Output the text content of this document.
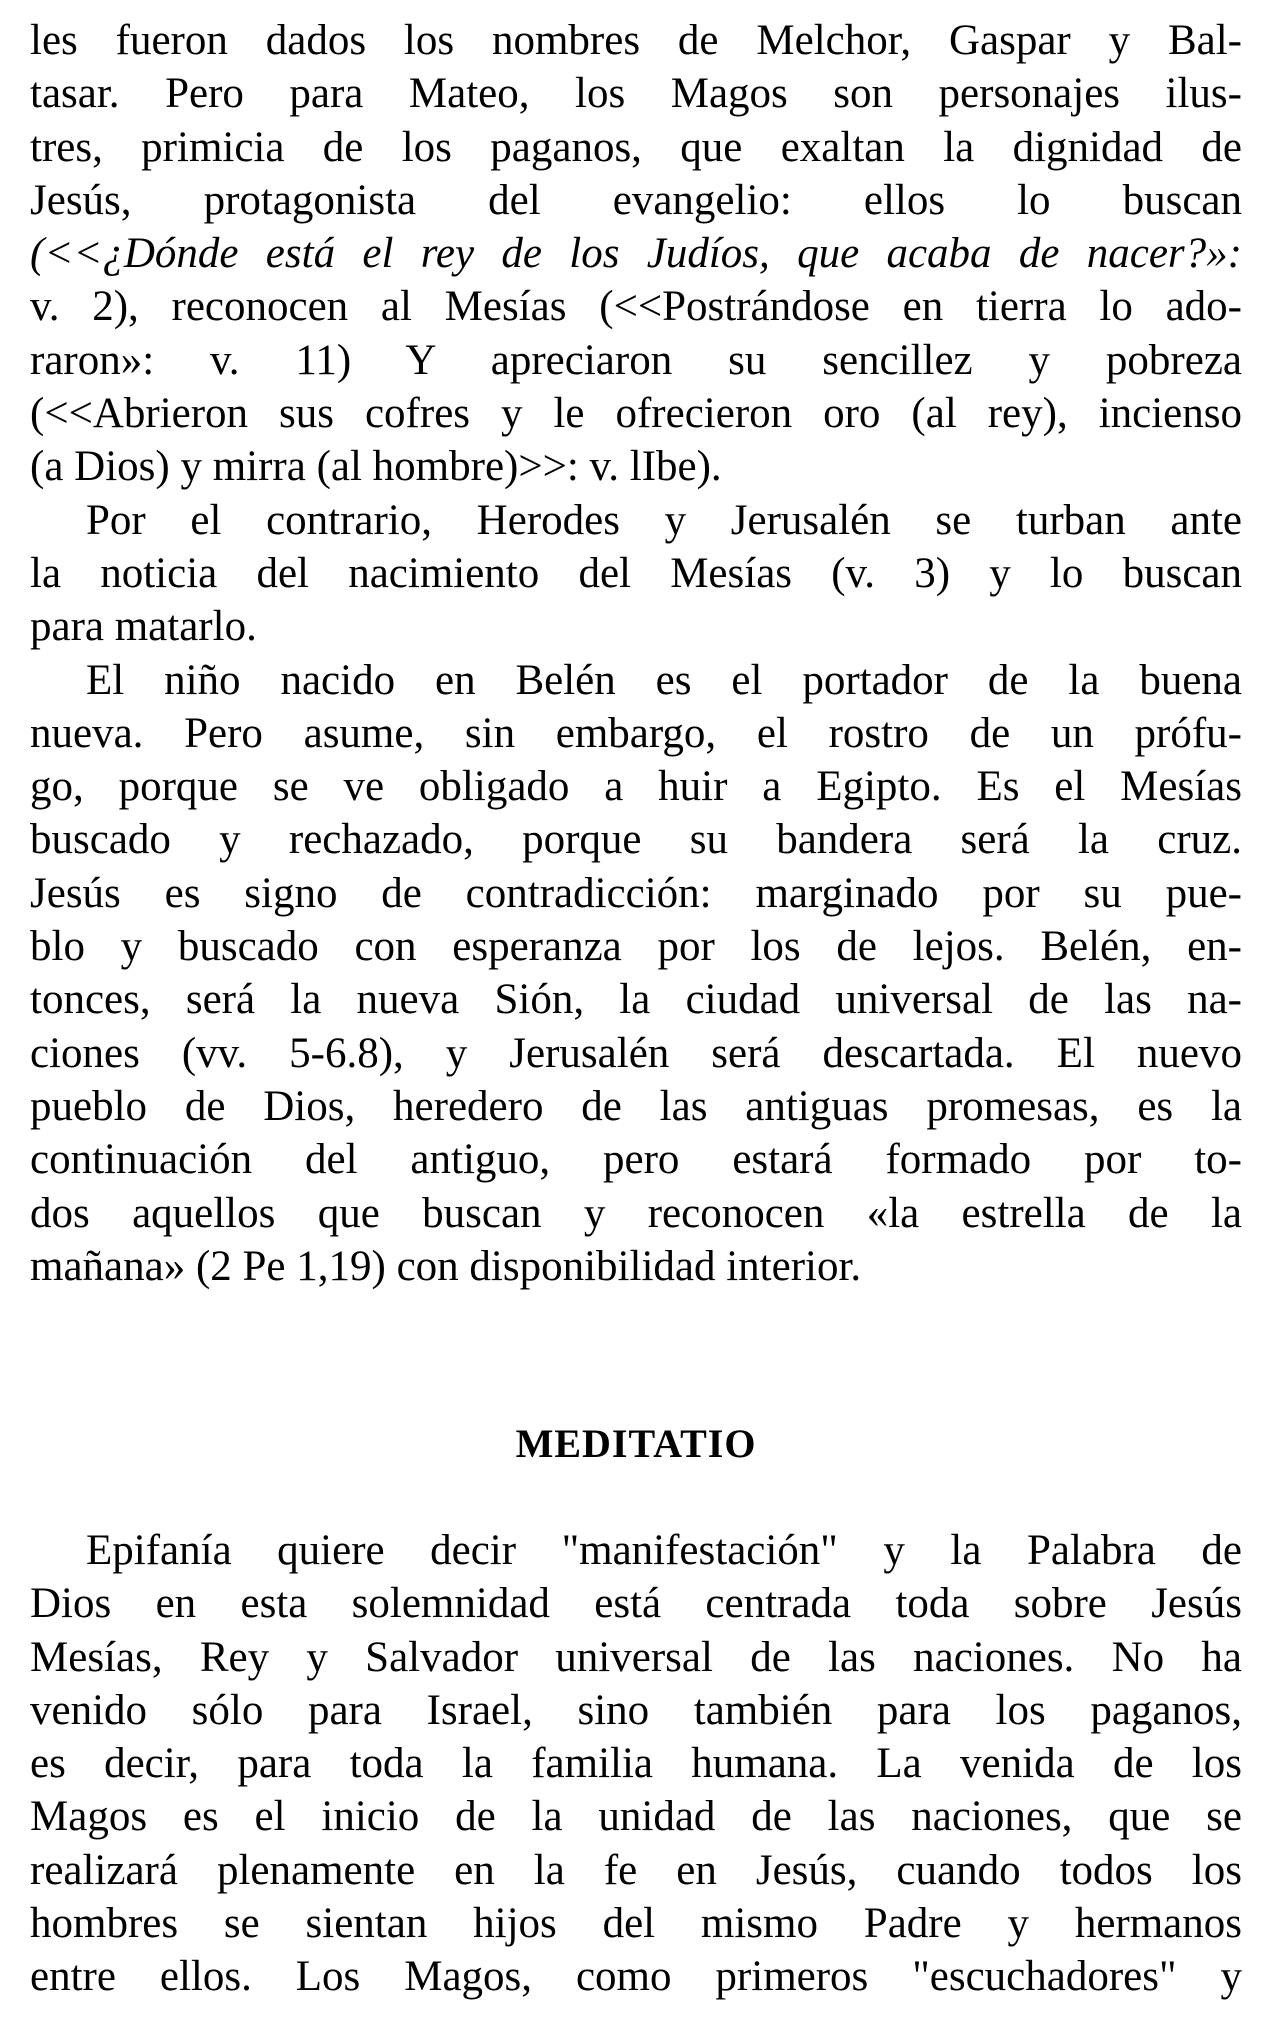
les fueron dados los nombres de Melchor, Gaspar y Bal-
tasar. Pero para Mateo, los Magos son personajes ilus-
tres, primicia de los paganos, que exaltan la dignidad de
Jesús, protagonista del evangelio: ellos lo buscan
(<<¿Dónde está el rey de los Judíos, que acaba de nacer?»:
v. 2), reconocen al Mesías (<<Postrándose en tierra lo ado-
raron»: v. 11) Y apreciaron su sencillez y pobreza
(<<Abrieron sus cofres y le ofrecieron oro (al rey), incienso
(a Dios) y mirra (al hombre)>>: v. lIbe).
Por el contrario, Herodes y Jerusalén se turban ante
la noticia del nacimiento del Mesías (v. 3) y lo buscan
para matarlo.
El niño nacido en Belén es el portador de la buena
nueva. Pero asume, sin embargo, el rostro de un prófu-
go, porque se ve obligado a huir a Egipto. Es el Mesías
buscado y rechazado, porque su bandera será la cruz.
Jesús es signo de contradicción: marginado por su pue-
blo y buscado con esperanza por los de lejos. Belén, en-
tonces, será la nueva Sión, la ciudad universal de las na-
ciones (vv. 5-6.8), y Jerusalén será descartada. El nuevo
pueblo de Dios, heredero de las antiguas promesas, es la
continuación del antiguo, pero estará formado por to-
dos aquellos que buscan y reconocen «la estrella de la
mañana» (2 Pe 1,19) con disponibilidad interior.
MEDITATIO
Epifanía quiere decir "manifestación" y la Palabra de
Dios en esta solemnidad está centrada toda sobre Jesús
Mesías, Rey y Salvador universal de las naciones. No ha
venido sólo para Israel, sino también para los paganos,
es decir, para toda la familia humana. La venida de los
Magos es el inicio de la unidad de las naciones, que se
realizará plenamente en la fe en Jesús, cuando todos los
hombres se sientan hijos del mismo Padre y hermanos
entre ellos. Los Magos, como primeros "escuchadores" y
